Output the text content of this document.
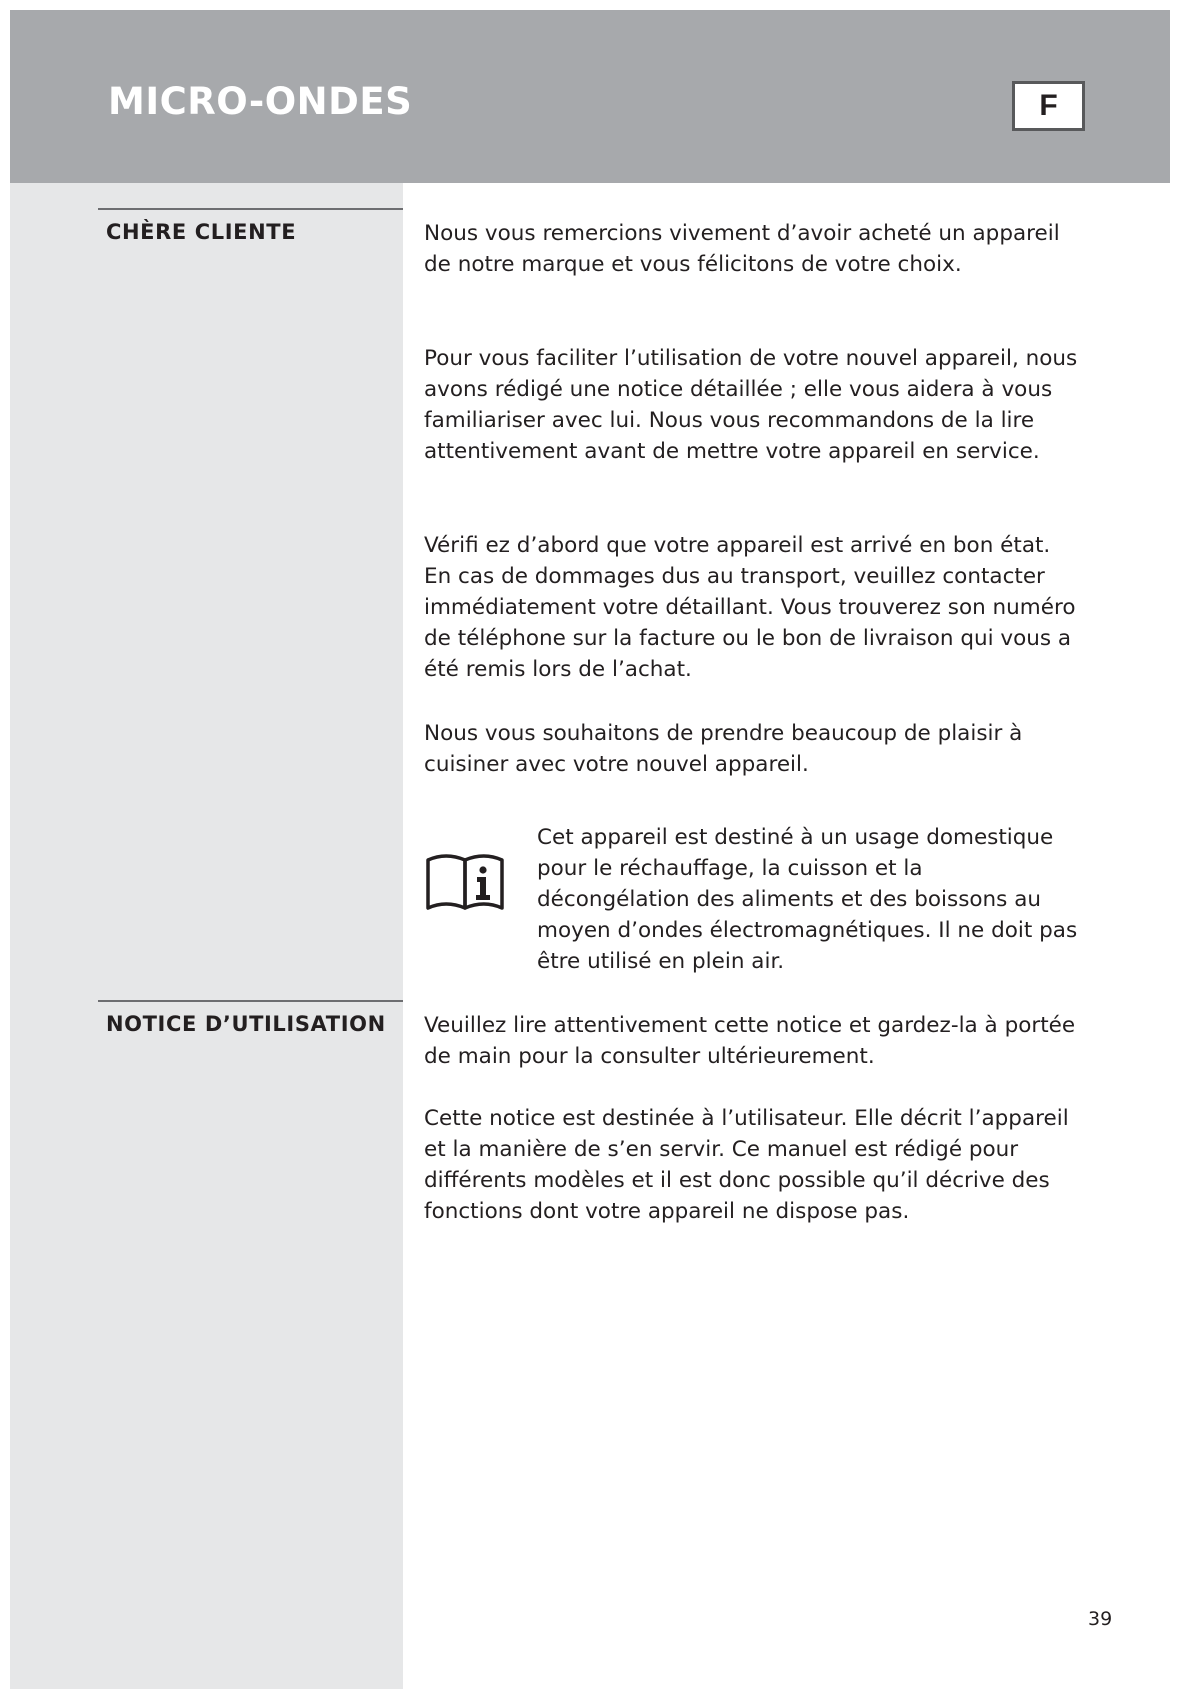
MICRO-ONDES	F
CHÈRE CLIENTE	Nous vous remercions vivement d’avoir acheté un appareil de notre marque et vous félicitons de votre choix.

Pour vous faciliter l’utilisation de votre nouvel appareil, nous avons rédigé une notice détaillée ; elle vous aidera à vous familiariser avec lui. Nous vous recommandons de la lire attentivement avant de mettre votre appareil en service.

Vérifi ez d’abord que votre appareil est arrivé en bon état. En cas de dommages dus au transport, veuillez contacter immédiatement votre détaillant. Vous trouverez son numéro de téléphone sur la facture ou le bon de livraison qui vous a été remis lors de l’achat.

Nous vous souhaitons de prendre beaucoup de plaisir à cuisiner avec votre nouvel appareil.

Cet appareil est destiné à un usage domestique pour le réchauffage, la cuisson et la décongélation des aliments et des boissons au moyen d’ondes électromagnétiques. Il ne doit pas être utilisé en plein air.

NOTICE D’UTILISATION Veuillez lire attentivement cette notice et gardez-la à portée de main pour la consulter ultérieurement.

Cette notice est destinée à l’utilisateur. Elle décrit l’appareil et la manière de s’en servir. Ce manuel est rédigé pour différents modèles et il est donc possible qu’il décrive des fonctions dont votre appareil ne dispose pas.

39
